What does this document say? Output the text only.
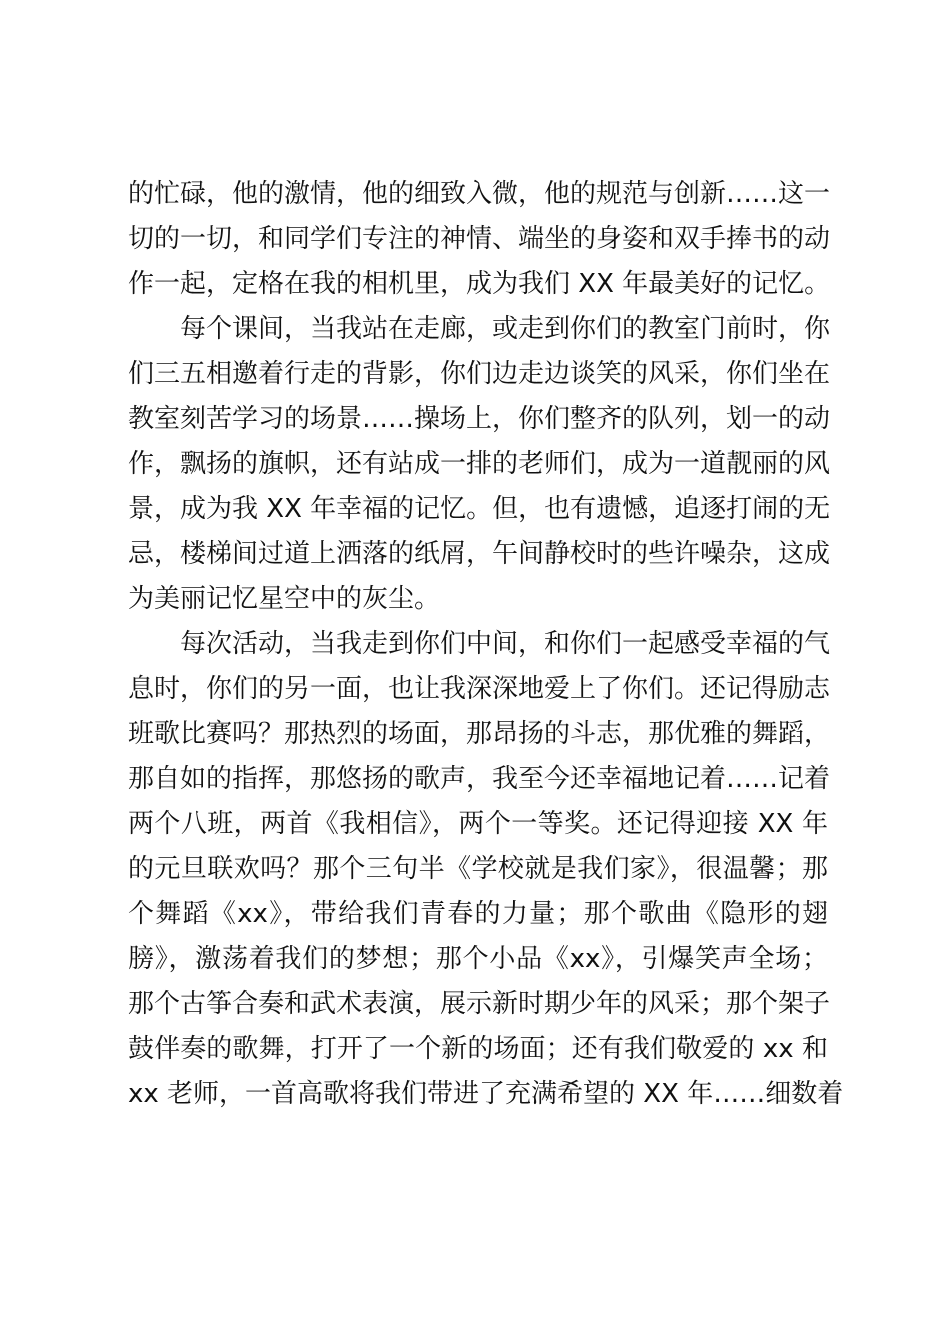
的忙碌，他的激情，他的细致入微，他的规范与创新……这一
切的一切，和同学们专注的神情、端坐的身姿和双手捧书的动
作一起，定格在我的相机里，成为我们 XX 年最美好的记忆。
每个课间，当我站在走廊，或走到你们的教室门前时，你
们三五相邀着行走的背影，你们边走边谈笑的风采，你们坐在
教室刻苦学习的场景……操场上，你们整齐的队列，划一的动
作，飘扬的旗帜，还有站成一排的老师们，成为一道靓丽的风
景，成为我 XX 年幸福的记忆。但，也有遗憾，追逐打闹的无
忌，楼梯间过道上洒落的纸屑，午间静校时的些许噪杂，这成
为美丽记忆星空中的灰尘。
每次活动，当我走到你们中间，和你们一起感受幸福的气
息时，你们的另一面，也让我深深地爱上了你们。还记得励志
班歌比赛吗？那热烈的场面，那昂扬的斗志，那优雅的舞蹈，
那自如的指挥，那悠扬的歌声，我至今还幸福地记着……记着
两个八班，两首《我相信》，两个一等奖。还记得迎接 XX 年
的元旦联欢吗？那个三句半《学校就是我们家》，很温馨；那
个舞蹈《xx》，带给我们青春的力量；那个歌曲《隐形的翅
膀》，激荡着我们的梦想；那个小品《xx》，引爆笑声全场；
那个古筝合奏和武术表演，展示新时期少年的风采；那个架子
鼓伴奏的歌舞，打开了一个新的场面；还有我们敬爱的 xx 和
xx 老师，一首高歌将我们带进了充满希望的 XX 年……细数着
